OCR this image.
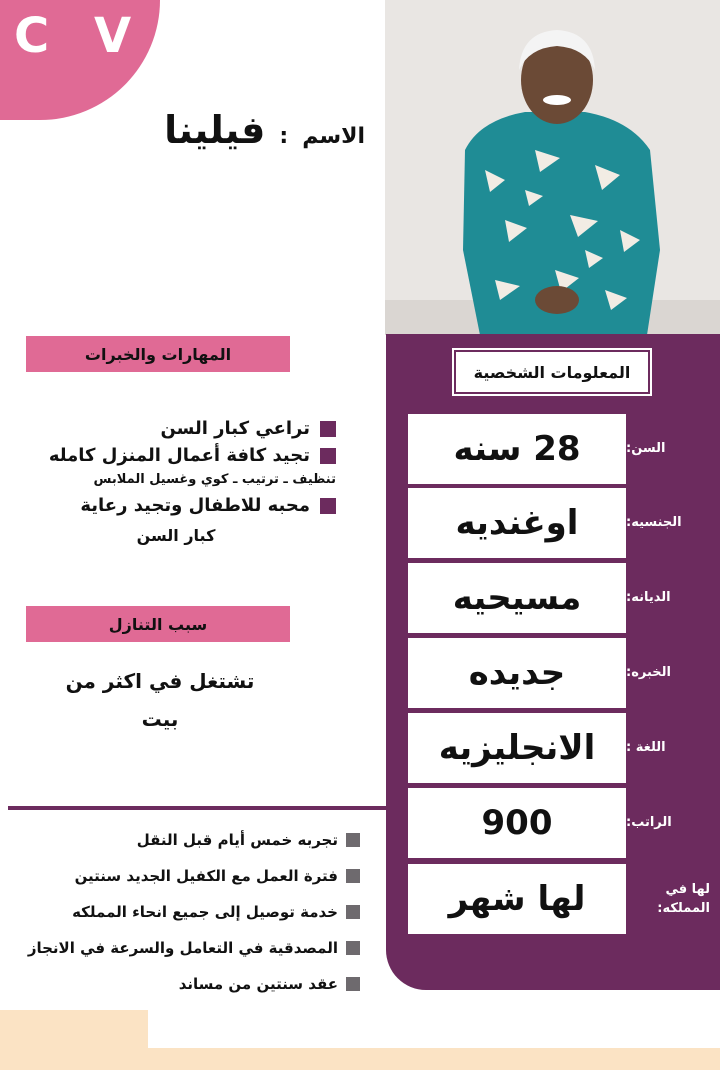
C V
الاسم
:
فيلينا
المعلومات الشخصية
28 سنه	السن:
اوغنديه	الجنسيه:
مسيحيه	الديانه:
جديده	الخبره:
الانجليزيه	اللغة :
900	الراتب:
لها شهر	لها في المملكه:
المهارات والخبرات
تراعي كبار السن
تجيد كافة أعمال المنزل كامله
تنظيف ـ ترتيب ـ كوي وغسيل الملابس
محبه للاطفال وتجيد رعاية
كبار السن
سبب التنازل
تشتغل في اكثر من
بيت
تجربه خمس أيام قبل النقل
فترة العمل مع الكفيل الجديد سنتين
خدمة توصيل إلى جميع انحاء المملكه
المصدقية في التعامل والسرعة في الانجاز
عقد سنتين من مساند
